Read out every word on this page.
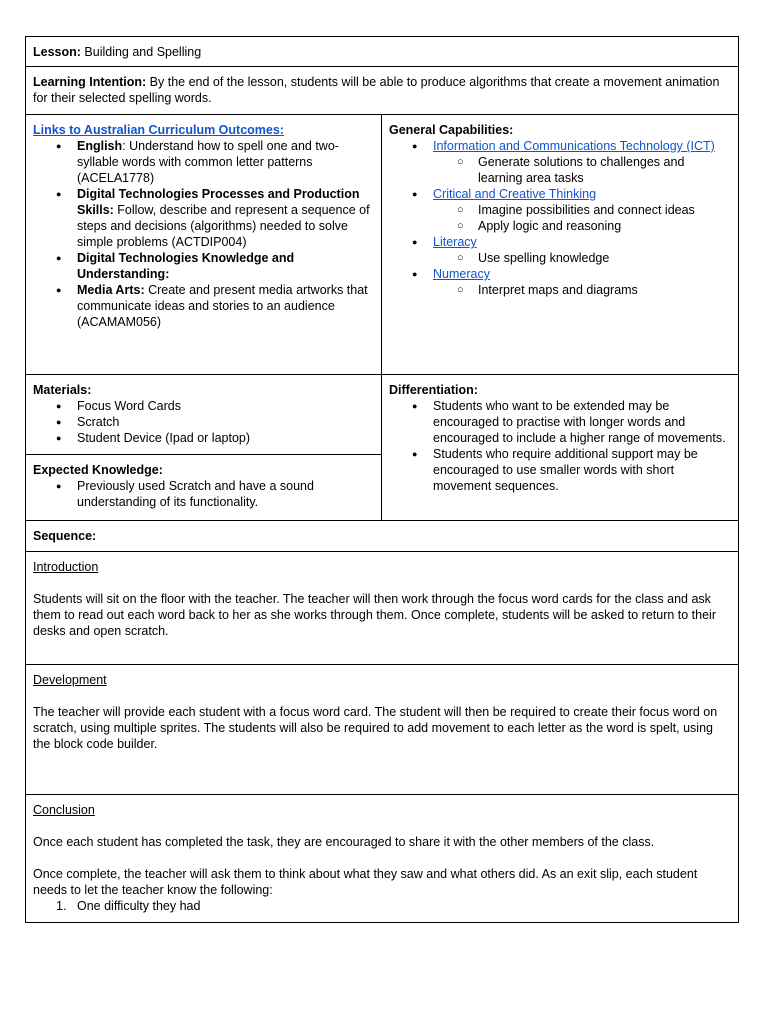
Lesson: Building and Spelling
Learning Intention: By the end of the lesson, students will be able to produce algorithms that create a movement animation for their selected spelling words.
Links to Australian Curriculum Outcomes:
● English: Understand how to spell one and two-syllable words with common letter patterns (ACELA1778)
● Digital Technologies Processes and Production Skills: Follow, describe and represent a sequence of steps and decisions (algorithms) needed to solve simple problems (ACTDIP004)
● Digital Technologies Knowledge and Understanding:
● Media Arts: Create and present media artworks that communicate ideas and stories to an audience (ACAMAM056)
General Capabilities:
● Information and Communications Technology (ICT)
○ Generate solutions to challenges and learning area tasks
● Critical and Creative Thinking
○ Imagine possibilities and connect ideas
○ Apply logic and reasoning
● Literacy
○ Use spelling knowledge
● Numeracy
○ Interpret maps and diagrams
Materials:
● Focus Word Cards
● Scratch
● Student Device (Ipad or laptop)
Expected Knowledge:
● Previously used Scratch and have a sound understanding of its functionality.
Differentiation:
● Students who want to be extended may be encouraged to practise with longer words and encouraged to include a higher range of movements.
● Students who require additional support may be encouraged to use smaller words with short movement sequences.
Sequence:

Introduction

Students will sit on the floor with the teacher. The teacher will then work through the focus word cards for the class and ask them to read out each word back to her as she works through them. Once complete, students will be asked to return to their desks and open scratch.

Development

The teacher will provide each student with a focus word card. The student will then be required to create their focus word on scratch, using multiple sprites. The students will also be required to add movement to each letter as the word is spelt, using the block code builder.

Conclusion

Once each student has completed the task, they are encouraged to share it with the other members of the class.

Once complete, the teacher will ask them to think about what they saw and what others did. As an exit slip, each student needs to let the teacher know the following:

1. One difficulty they had
